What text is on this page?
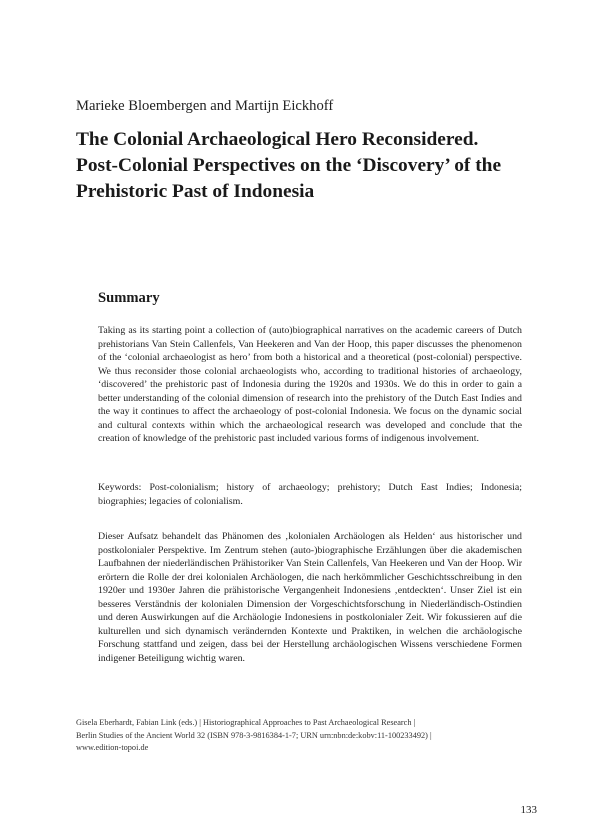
Marieke Bloembergen and Martijn Eickhoff
The Colonial Archaeological Hero Reconsidered.
Post-Colonial Perspectives on the ‘Discovery’ of the
Prehistoric Past of Indonesia
Summary

Taking as its starting point a collection of (auto)biographical narratives on the academic careers of Dutch prehistorians Van Stein Callenfels, Van Heekeren and Van der Hoop, this paper discusses the phenomenon of the ‘colonial archaeologist as hero’ from both a historical and a theoretical (post-colonial) perspective. We thus reconsider those colonial archaeologists who, according to traditional histories of archaeology, ‘discovered’ the prehistoric past of Indonesia during the 1920s and 1930s. We do this in order to gain a better understanding of the colonial dimension of research into the prehistory of the Dutch East Indies and the way it continues to affect the archaeology of post-colonial Indonesia. We focus on the dynamic social and cultural contexts within which the archaeological research was developed and conclude that the creation of knowledge of the prehistoric past included various forms of indigenous involvement.

Keywords: Post-colonialism; history of archaeology; prehistory; Dutch East Indies; Indonesia; biographies; legacies of colonialism.

Dieser Aufsatz behandelt das Phänomen des ‚kolonialen Archäologen als Helden‘ aus historischer und postkolonialer Perspektive. Im Zentrum stehen (auto-)biographische Erzählungen über die akademischen Laufbahnen der niederländischen Prähistoriker Van Stein Callenfels, Van Heekeren und Van der Hoop. Wir erörtern die Rolle der drei kolonialen Archäologen, die nach herkömmlicher Geschichtsschreibung in den 1920er und 1930er Jahren die prähistorische Vergangenheit Indonesiens ‚entdeckten‘. Unser Ziel ist ein besseres Verständnis der kolonialen Dimension der Vorgeschichtsforschung in Niederländisch-Ostindien und deren Auswirkungen auf die Archäologie Indonesiens in postkolonialer Zeit. Wir fokussieren auf die kulturellen und sich dynamisch verändernden Kontexte und Praktiken, in welchen die archäologische Forschung stattfand und zeigen, dass bei der Herstellung archäologischen Wissens verschiedene Formen indigener Beteiligung wichtig waren.

Gisela Eberhardt, Fabian Link (eds.) | Historiographical Approaches to Past Archaeological Research |
Berlin Studies of the Ancient World 32 (ISBN 978-3-9816384-1-7; URN urn:nbn:de:kobv:11-100233492) |
www.edition-topoi.de
133
